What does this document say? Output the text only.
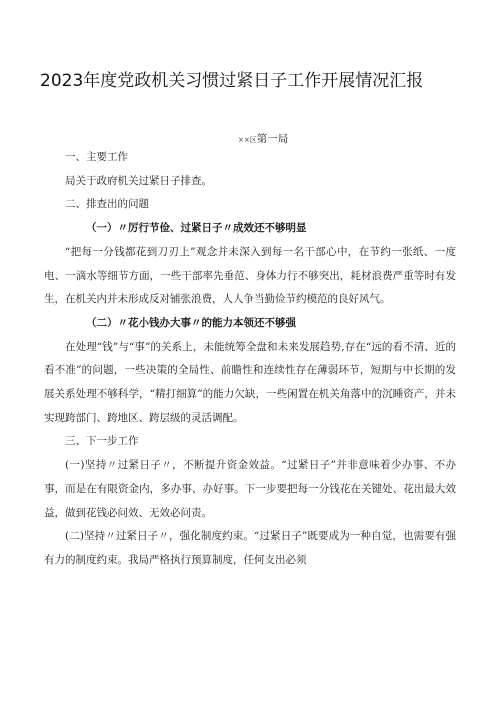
2023年度党政机关习惯过紧日子工作开展情况汇报
××区第一局

一、主要工作

局关于政府机关过紧日子排查。

二、排查出的问题

（一）〃厉行节俭、过紧日子〃成效还不够明显

“把每一分钱都花到刀刃上”观念并未深入到每一名干部心中，在节约一张纸、一度电、一滴水等细节方面，一些干部率先垂范、身体力行不够突出，耗材浪费严重等时有发生，在机关内并未形成反对铺张浪费，人人争当勤俭节约模范的良好风气。

（二）〃花小钱办大事〃的能力本领还不够强

在处理“钱”与“事”的关系上，未能统筹全盘和未来发展趋势,存在“远的看不清、近的看不准”的问题，一些决策的全局性、前瞻性和连续性存在薄弱环节，短期与中长期的发展关系处理不够科学，“精打细算”的能力欠缺，一些闲置在机关角落中的沉睡资产，并未实现跨部门、跨地区、跨层级的灵活调配。

三、下一步工作

(一)坚持〃过紧日子〃，不断提升资金效益。“过紧日子”并非意味着少办事、不办事，而是在有限资金内，多办事、办好事。下一步要把每一分钱花在关键处、花出最大效益，做到花钱必问效、无效必问责。

(二)坚持〃过紧日子〃，强化制度约束。“过紧日子”既要成为一种自觉，也需要有强有力的制度约束。我局严格执行预算制度，任何支出必须
